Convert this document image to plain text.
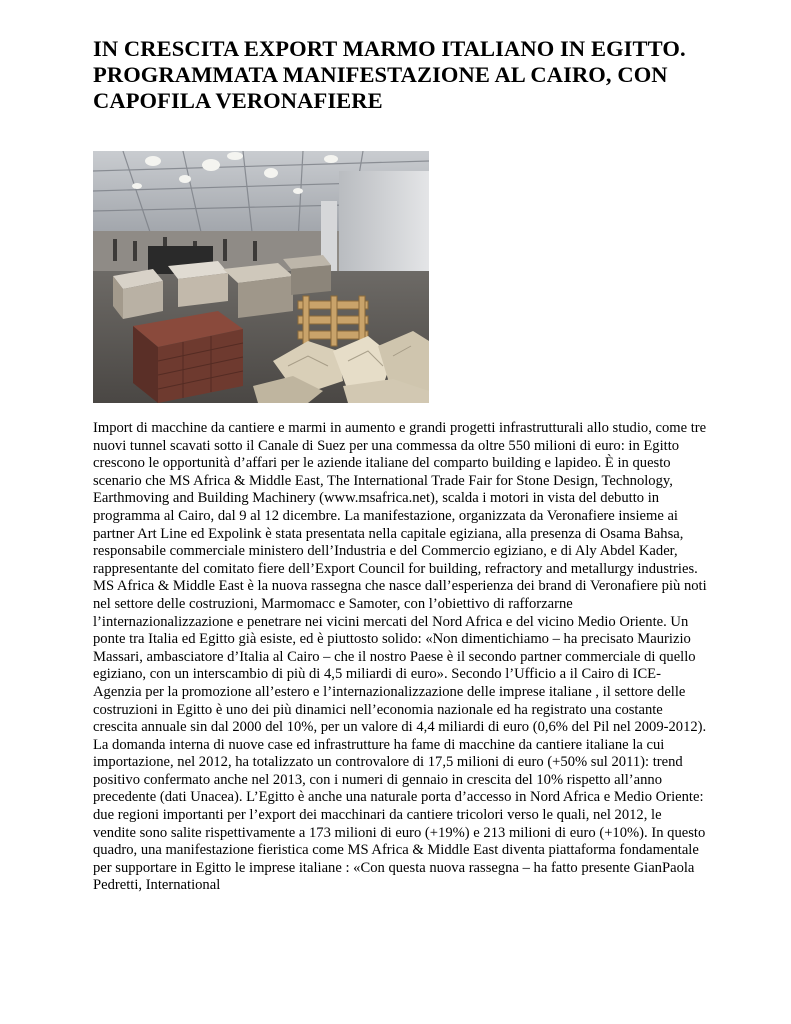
IN CRESCITA EXPORT MARMO ITALIANO IN EGITTO. PROGRAMMATA MANIFESTAZIONE AL CAIRO, CON CAPOFILA VERONAFIERE

Import di macchine da cantiere e marmi in aumento e grandi progetti infrastrutturali allo studio, come tre nuovi tunnel scavati sotto il Canale di Suez per una commessa da oltre 550 milioni di euro: in Egitto crescono le opportunità d’affari per le aziende italiane del comparto building e lapideo. È in questo scenario che MS Africa & Middle East, The International Trade Fair for Stone Design, Technology, Earthmoving and Building Machinery (www.msafrica.net), scalda i motori in vista del debutto in programma al Cairo, dal 9 al 12 dicembre. La manifestazione, organizzata da Veronafiere insieme ai partner Art Line ed Expolink è stata presentata nella capitale egiziana, alla presenza di Osama Bahsa, responsabile commerciale ministero dell’Industria e del Commercio egiziano, e di Aly Abdel Kader, rappresentante del comitato fiere dell’Export Council for building, refractory and metallurgy industries. MS Africa & Middle East è la nuova rassegna che nasce dall’esperienza dei brand di Veronafiere più noti nel settore delle costruzioni, Marmomacc e Samoter, con l’obiettivo di rafforzarne l’internazionalizzazione e penetrare nei vicini mercati del Nord Africa e del vicino Medio Oriente. Un ponte tra Italia ed Egitto già esiste, ed è piuttosto solido: «Non dimentichiamo – ha precisato Maurizio Massari, ambasciatore d’Italia al Cairo – che il nostro Paese è il secondo partner commerciale di quello egiziano, con un interscambio di più di 4,5 miliardi di euro». Secondo l’Ufficio a il Cairo di ICE-Agenzia per la promozione all’estero e l’internazionalizzazione delle imprese italiane , il settore delle costruzioni in Egitto è uno dei più dinamici nell’economia nazionale ed ha registrato una costante crescita annuale sin dal 2000 del 10%, per un valore di 4,4 miliardi di euro (0,6% del Pil nel 2009-2012). La domanda interna di nuove case ed infrastrutture ha fame di macchine da cantiere italiane la cui importazione, nel 2012, ha totalizzato un controvalore di 17,5 milioni di euro (+50% sul 2011): trend positivo confermato anche nel 2013, con i numeri di gennaio in crescita del 10% rispetto all’anno precedente (dati Unacea). L’Egitto è anche una naturale porta d’accesso in Nord Africa e Medio Oriente: due regioni importanti per l’export dei macchinari da cantiere tricolori verso le quali, nel 2012, le vendite sono salite rispettivamente a 173 milioni di euro (+19%) e 213 milioni di euro (+10%). In questo quadro, una manifestazione fieristica come MS Africa & Middle East diventa piattaforma fondamentale per supportare in Egitto le imprese italiane : «Con questa nuova rassegna – ha fatto presente GianPaola Pedretti, International
